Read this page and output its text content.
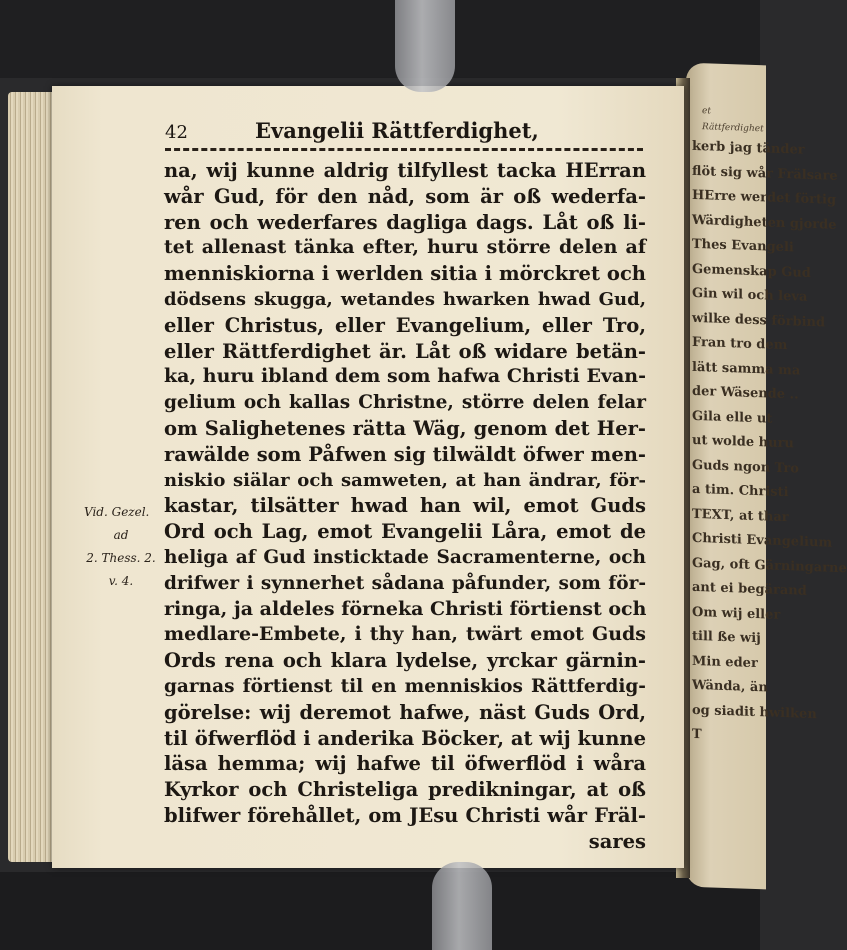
et Rättferdighet
kerb jag tänder
flöt sig wår Frälsare
HErre werdet förtig
Wärdigheten gjorde
Thes Evangeli
Gemenskap Gud
Gin wil och leva
wilke dess förbind
Fran tro dem
lätt samma ma
der Wäsende ..
Gila elle ut
ut wolde huru
Guds ngon Tro
a tim. Christi
TEXT, at thar
Christi Evangelium
Gag, oft Gärningarne
ant ei begärand
Om wij eller
till ße wij
Min eder
Wända, än
og siadit hwilken
T
42	Evangelii Rättferdighet,
na, wij kunne aldrig tilfyllest tacka HErran
wår Gud, för den nåd, som är oß wederfa-
ren och wederfares dagliga dags. Låt oß li-
tet allenast tänka efter, huru större delen af
menniskiorna i werlden sitia i mörckret och
dödsens skugga, wetandes hwarken hwad Gud,
eller Christus, eller Evangelium, eller Tro,
eller Rättferdighet är. Låt oß widare betän-
ka, huru ibland dem som hafwa Christi Evan-
gelium och kallas Christne, större delen felar
om Salighetenes rätta Wäg, genom det Her-
rawälde som Påfwen sig tilwäldt öfwer men-
niskio siälar och samweten, at han ändrar, för-
kastar, tilsätter hwad han wil, emot Guds
Ord och Lag, emot Evangelii Låra, emot de
heliga af Gud insticktade Sacramenterne, och
drifwer i synnerhet sådana påfunder, som för-
ringa, ja aldeles förneka Christi förtienst och
medlare-Embete, i thy han, twärt emot Guds
Ords rena och klara lydelse, yrckar gärnin-
garnas förtienst til en menniskios Rättferdig-
görelse: wij deremot hafwe, näst Guds Ord,
til öfwerflöd i anderika Böcker, at wij kunne
läsa hemma; wij hafwe til öfwerflöd i wåra
Kyrkor och Christeliga predikningar, at oß
blifwer förehållet, om JEsu Christi wår Fräl-
sares
Vid. Gezel.
ad
2. Thess. 2.
v. 4.
